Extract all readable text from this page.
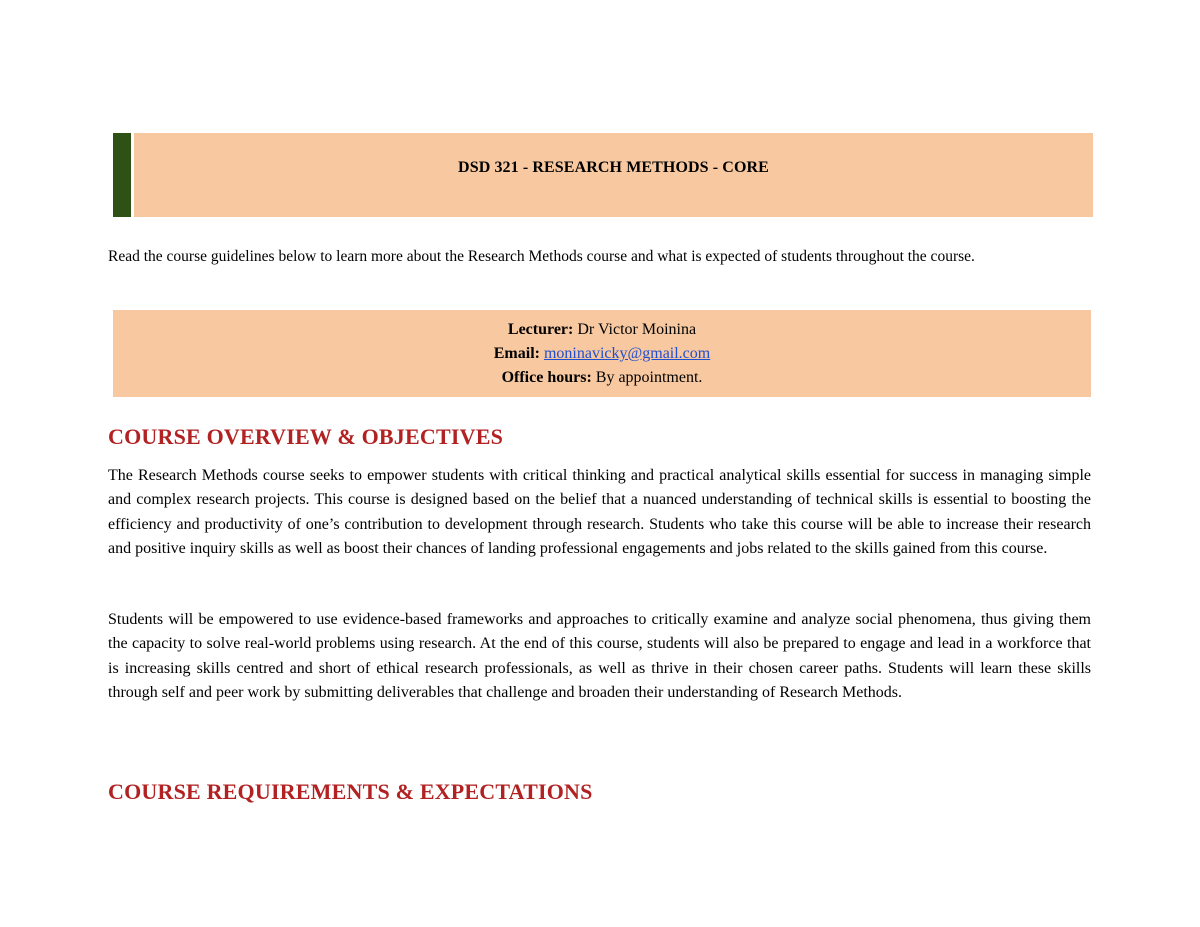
DSD 321 - RESEARCH METHODS - CORE

Read the course guidelines below to learn more about the Research Methods course and what is expected of students throughout the course.

Lecturer: Dr Victor Moinina
Email: moninavicky@gmail.com
Office hours: By appointment.
COURSE OVERVIEW & OBJECTIVES

The Research Methods course seeks to empower students with critical thinking and practical analytical skills essential for success in managing simple and complex research projects. This course is designed based on the belief that a nuanced understanding of technical skills is essential to boosting the efficiency and productivity of one’s contribution to development through research. Students who take this course will be able to increase their research and positive inquiry skills as well as boost their chances of landing professional engagements and jobs related to the skills gained from this course.

Students will be empowered to use evidence-based frameworks and approaches to critically examine and analyze social phenomena, thus giving them the capacity to solve real-world problems using research. At the end of this course, students will also be prepared to engage and lead in a workforce that is increasing skills centred and short of ethical research professionals, as well as thrive in their chosen career paths. Students will learn these skills through self and peer work by submitting deliverables that challenge and broaden their understanding of Research Methods.

COURSE REQUIREMENTS & EXPECTATIONS
